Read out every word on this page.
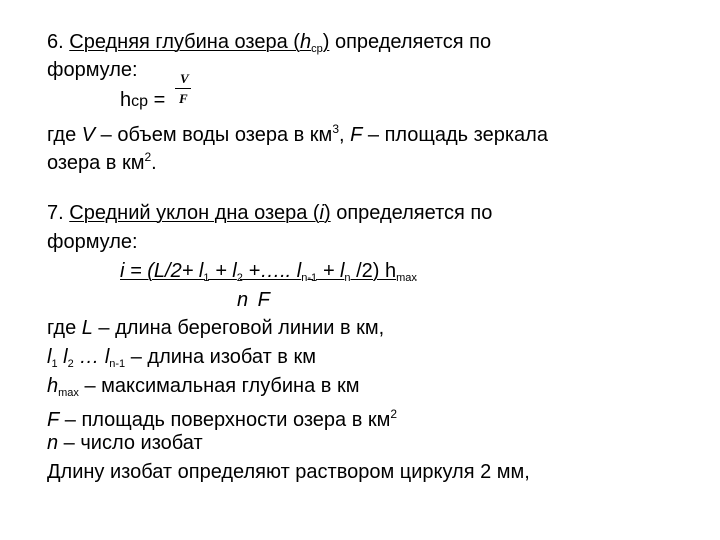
6. Средняя глубина озера $(h_{ср})$ определяется по
формуле:
hср =
V
F
где V – объем воды озера в $км^3$, F – площадь зеркала
озера в $км^2$.
7. Средний уклон дна озера (i) определяется по
формуле:
$i = (L/2+ l_1 + l_2$ +….. $l_{n-1} + l_n$ /2) $h_{max}$
n F
где L – длина береговой линии в км,
$l_1$ $l_2$ … $l_{n-1}$ – длина изобат в км
$h_{max}$ – максимальная глубина в км
F – площадь поверхности озера в $км^2$
n – число изобат
Длину изобат определяют раствором циркуля 2 мм,
